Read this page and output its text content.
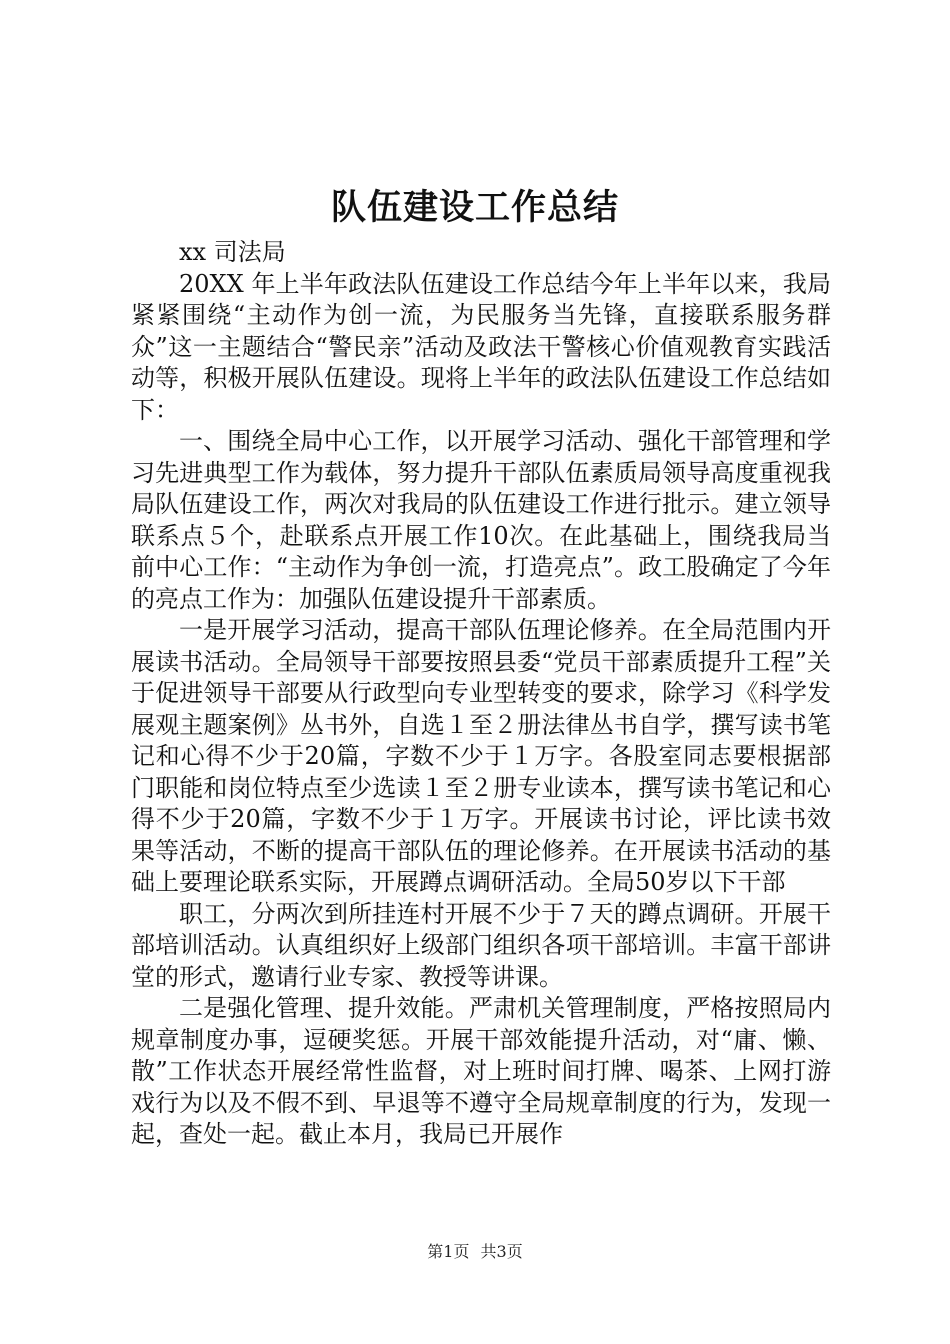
队伍建设工作总结

xx 司法局

20XX 年上半年政法队伍建设工作总结今年上半年以来，我局紧紧围绕“主动作为创一流，为民服务当先锋，直接联系服务群众”这一主题结合“警民亲”活动及政法干警核心价值观教育实践活动等，积极开展队伍建设。现将上半年的政法队伍建设工作总结如下：

一、围绕全局中心工作，以开展学习活动、强化干部管理和学习先进典型工作为载体，努力提升干部队伍素质局领导高度重视我局队伍建设工作，两次对我局的队伍建设工作进行批示。建立领导联系点５个，赴联系点开展工作10次。在此基础上，围绕我局当前中心工作：“主动作为争创一流，打造亮点”。政工股确定了今年的亮点工作为：加强队伍建设提升干部素质。

一是开展学习活动，提高干部队伍理论修养。在全局范围内开展读书活动。全局领导干部要按照县委“党员干部素质提升工程”关于促进领导干部要从行政型向专业型转变的要求，除学习《科学发展观主题案例》丛书外，自选１至２册法律丛书自学，撰写读书笔记和心得不少于20篇，字数不少于１万字。各股室同志要根据部门职能和岗位特点至少选读１至２册专业读本，撰写读书笔记和心得不少于20篇，字数不少于１万字。开展读书讨论，评比读书效果等活动，不断的提高干部队伍的理论修养。在开展读书活动的基础上要理论联系实际，开展蹲点调研活动。全局50岁以下干部

职工，分两次到所挂连村开展不少于７天的蹲点调研。开展干部培训活动。认真组织好上级部门组织各项干部培训。丰富干部讲堂的形式，邀请行业专家、教授等讲课。

二是强化管理、提升效能。严肃机关管理制度，严格按照局内规章制度办事，逗硬奖惩。开展干部效能提升活动，对“庸、懒、散”工作状态开展经常性监督，对上班时间打牌、喝茶、上网打游戏行为以及不假不到、早退等不遵守全局规章制度的行为，发现一起，查处一起。截止本月，我局已开展作

第1页 共3页
